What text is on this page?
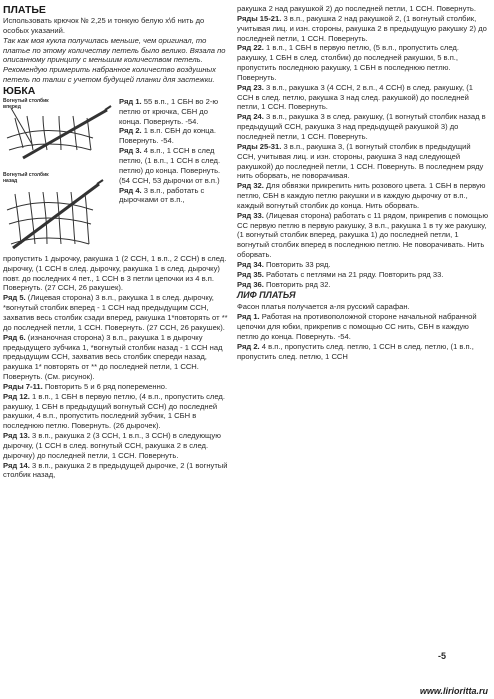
ПЛАТЬЕ

Использовать крючок № 2,25 и тонкую белую х\б нить до особых указаний.

Так как моя кукла получилась меньше, чем оригинал, то платье по этому количеству петель было велико. Вязала по описанному принципу с меньшим количеством петель. Рекомендую примерить набранное количество воздушных петель по талии с учетом будущей планки для застежки.

ЮБКА

Вогнутый столбик вперед
Вогнутый столбик назад

Ряд 1. 55 в.п., 1 СБН во 2-ю петлю от крючка, СБН до конца. Повернуть. -54.

Ряд 2. 1 в.п. СБН до конца. Повернуть. -54.

Ряд 3. 4 в.п., 1 ССН в след петлю, (1 в.п., 1 ССН в след. петлю) до конца. Повернуть. (54 ССН, 53 дырочки от в.п.)

Ряд 4. 3 в.п., работать с дырочками от в.п.,

пропустить 1 дырочку, ракушка 1 (2 ССН, 1 в.п., 2 ССН) в след. дырочку, (1 ССН в след. дырочку, ракушка 1 в след. дырочку) повт. до последних 4 пет., 1 ССН в 3 петли цепочки из 4 в.п. Повернуть. (27 ССН, 26 ракушек).

Ряд 5. (Лицевая сторона) 3 в.п., ракушка 1 в след. дырочку, *вогнутый столбик вперед - 1 ССН над предыдущим ССН, захватив весь столбик сзади вперед, ракушка 1*повторять от ** до последней петли, 1 ССН. Повернуть. (27 ССН, 26 ракушек).

Ряд 6. (изнаночная сторона) 3 в.п., ракушка 1 в дырочку предыдущего зубчика 1, *вогнутый столбик назад - 1 ССН над предыдущим ССН, захватив весь столбик спереди назад, ракушка 1* повторять от ** до последней петли, 1 ССН. Повернуть. (См. рисунок).

Ряды 7-11. Повторить 5 и 6 ряд попеременно.

Ряд 12. 1 в.п., 1 СБН в первую петлю, (4 в.п., пропустить след. ракушку, 1 СБН в предыдущий вогнутый ССН) до последней ракушки, 4 в.п., пропустить последний зубчик, 1 СБН в последнюю петлю. Повернуть. (26 дырочек).

Ряд 13. 3 в.п., ракушка 2 (3 ССН, 1 в.п., 3 ССН) в следующую дырочку, (1 ССН в след. вогнутый ССН, ракушка 2 в след. дырочку) до последней петли, 1 ССН. Повернуть.

Ряд 14. 3 в.п., ракушка 2 в предыдущей дырочке, 2 (1 вогнутый столбик назад,

ракушка 2 над ракушкой 2) до последней петли, 1 ССН. Повернуть.

Ряды 15-21. 3 в.п., ракушка 2 над ракушкой 2, (1 вогнутый столбик, учитывая лиц. и изн. стороны, ракушка 2 в предыдущую ракушку 2) до последней петли, 1 ССН. Повернуть.

Ряд 22. 1 в.п., 1 СБН в первую петлю, (5 в.п., пропустить след. ракушку, 1 СБН в след. столбик) до последней ракушки, 5 в.п., пропустить последнюю ракушку, 1 СБН в последнюю петлю. Повернуть.

Ряд 23. 3 в.п., ракушка 3 (4 ССН, 2 в.п., 4 ССН) в след. ракушку, (1 ССН в след. петлю, ракушка 3 над след. ракушкой) до последней петли, 1 ССН. Повернуть.

Ряд 24. 3 в.п., ракушка 3 в след. ракушку, (1 вогнутый столбик назад в предыдущий ССН, ракушка 3 над предыдущей ракушкой 3) до последней петли, 1 ССН. Повернуть.

Ряды 25-31. 3 в.п., ракушка 3, (1 вогнутый столбик в предыдущий ССН, учитывая лиц. и изн. стороны, ракушка 3 над следующей ракушкой) до последней петли, 1 ССН. Повернуть. В последнем ряду нить оборвать, не поворачивая.

Ряд 32. Для обвязки прикрепить нить розового цвета. 1 СБН в первую петлю, СБН в каждую петлю ракушки и в каждую дырочку от в.п., каждый вогнутый столбик до конца. Нить оборвать.

Ряд 33. (Лицевая сторона) работать с 11 рядом, прикрепив с помощью СС первую петлю в первую ракушку, 3 в.п., ракушка 1 в ту же ракушку, (1 вогнутый столбик вперед, ракушка 1) до последней петли, 1 вогнутый столбик вперед в последнюю петлю. Не поворачивать. Нить оборвать.

Ряд 34. Повторить 33 ряд.

Ряд 35. Работать с петлями на 21 ряду. Повторить ряд 33.

Ряд 36. Повторить ряд 32.

ЛИФ ПЛАТЬЯ

Фасон платья получается а-ля русский сарафан.

Ряд 1. Работая на противоположной стороне начальной набранной цепочки для юбки, прикрепив с помощью СС нить, СБН в каждую петлю до конца. Повернуть. -54.

Ряд 2. 4 в.п., пропустить след. петлю, 1 ССН в след. петлю, (1 в.п., пропустить след. петлю, 1 ССН

-5
www.lirioritta.ru
